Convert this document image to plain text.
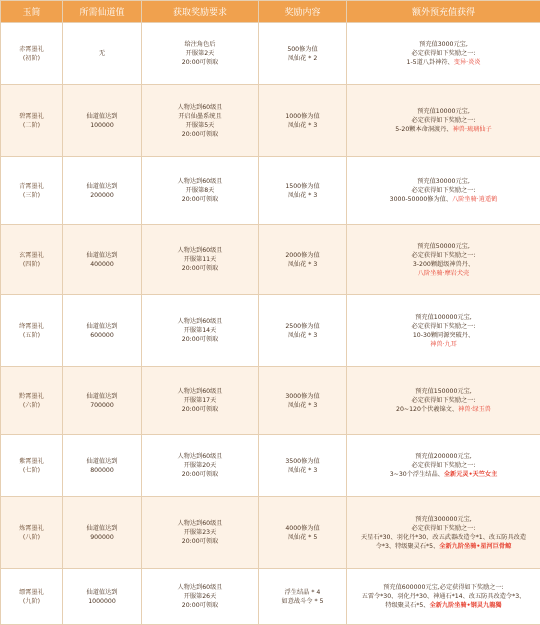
玉简	所需仙道值	获取奖励要求	奖励内容	额外预充值获得

赤霄墨礼
(初阶)	无	给注角色后
开服第2天
20:00可领取	500修为值
凤仙花 * 2	预充值3000元宝,
必定获得如下奖励之一:
1-5道八卦神符、变异·炎炎

碧霄墨礼
(二阶)	仙道值达到
100000	人物达到60级且
开启仙墨系统且
开服第5天
20:00可领取	1000修为值
凤仙花 * 3	预充值10000元宝,
必定获得如下奖励之一:
5-20颗本命洞渡丹、神兽·琉璃仙子

青霄墨礼
(三阶)	仙道值达到
200000	人物达到60级且
开服第8天
20:00可领取	1500修为值
凤仙花 * 3	预充值30000元宝,
必定获得如下奖励之一:
3000-50000修为值、八阶坐骑·逍遥鹤

玄霄墨礼
(四阶)	仙道值达到
400000	人物达到60级且
开服第11天
20:00可领取	2000修为值
凤仙花 * 3	预充值50000元宝,
必定获得如下奖励之一:
3-200颗超级神兽丹、
八阶坐骑·摩岩犬壳

绛霄墨礼
(五阶)	仙道值达到
600000	人物达到60级且
开服第14天
20:00可领取	2500修为值
凤仙花 * 3	预充值100000元宝,
必定获得如下奖励之一:
10-30颗同源突破丹、
神兽·九耳

黔霄墨礼
(六阶)	仙道值达到
700000	人物达到60级且
开服第17天
20:00可领取	3000修为值
凤仙花 * 3	预充值150000元宝,
必定获得如下奖励之一:
20~120个伏羲锦文、神兽·绿玉兽

紫霄墨礼
(七阶)	仙道值达到
800000	人物达到60级且
开服第20天
20:00可领取	3500修为值
凤仙花 * 3	预充值200000元宝,
必定获得如下奖励之一:
3~30个浮生结晶、全新元灵•天竺女主

炼霄墨礼
(八阶)	仙道值达到
900000	人物达到60级且
开服第23天
20:00可领取	4000修为值
凤仙花 * 5	预充值300000元宝,
必定获得如下奖励之一:
天星石*30、羽化丹*30、改五武器改造令*1、改五防具改造
令*3、特级聚灵石*5、全新九阶坐骑•星河巨骨鲸

缥霄墨礼
(九阶)	仙道值达到
1000000	人物达到60级且
开服第26天
20:00可领取	浮生结晶 * 4
如意战斗令 * 5	预充值600000元宝,必定获得如下奖励之一:
五雷令*30、羽化丹*30、神通石*14、改五防具改造令*3、
特级聚灵石*5、全新九阶坐骑•钢灵九龍獨
